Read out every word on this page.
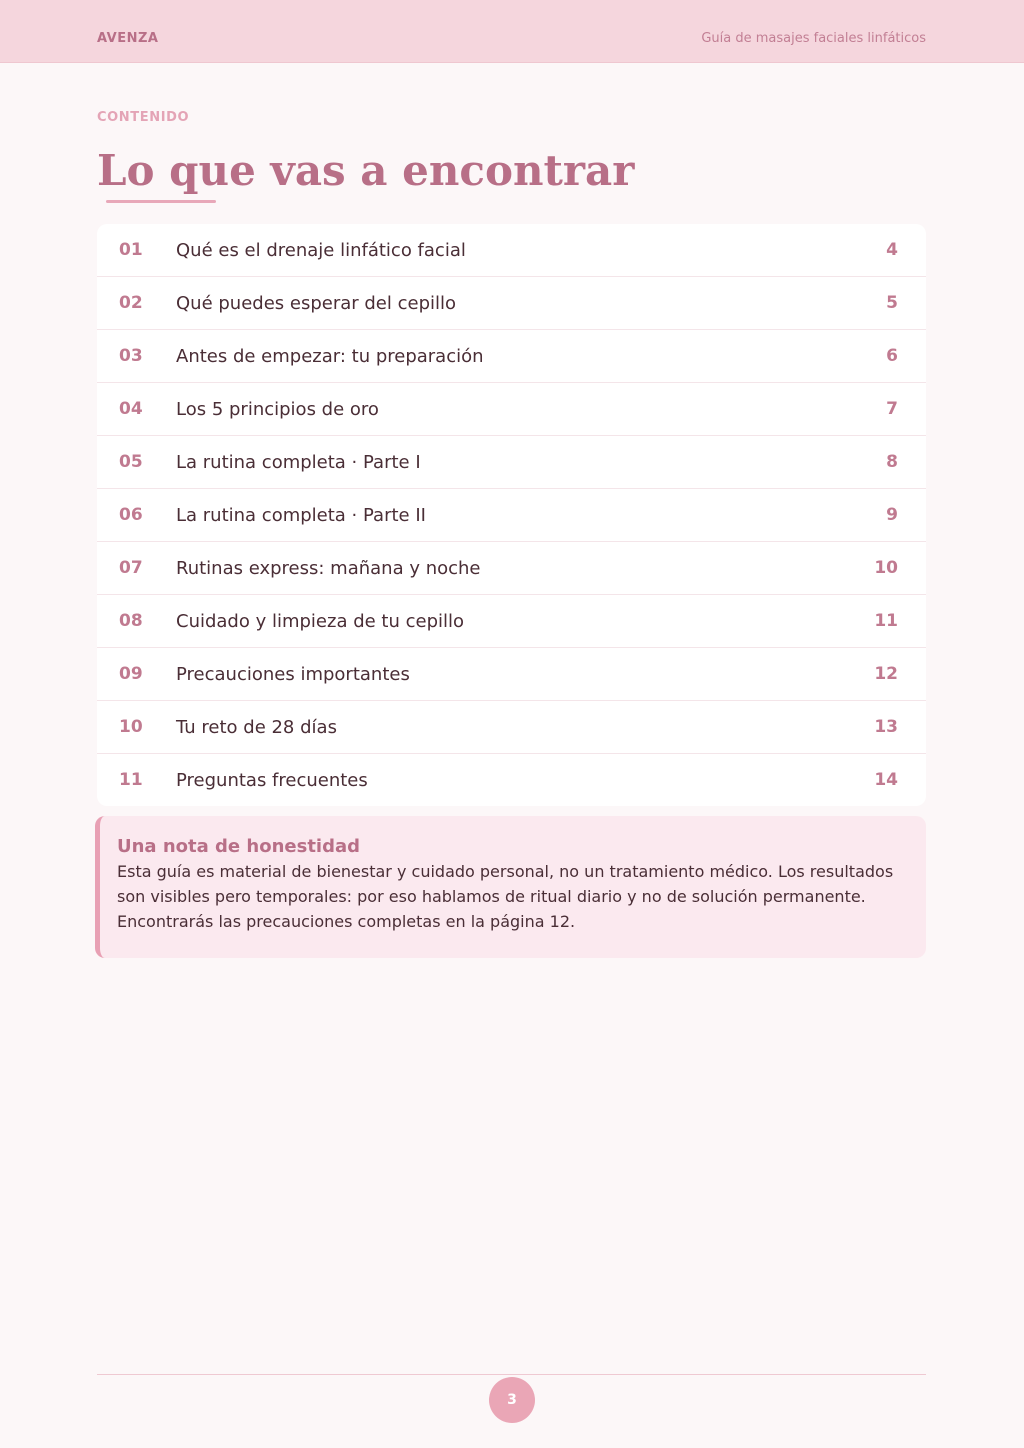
AVENZA	Guía de masajes faciales linfáticos
CONTENIDO
Lo que vas a encontrar
01	Qué es el drenaje linfático facial	4
02	Qué puedes esperar del cepillo	5
03	Antes de empezar: tu preparación	6
04	Los 5 principios de oro	7
05	La rutina completa · Parte I	8
06	La rutina completa · Parte II	9
07	Rutinas express: mañana y noche	10
08	Cuidado y limpieza de tu cepillo	11
09	Precauciones importantes	12
10	Tu reto de 28 días	13
11	Preguntas frecuentes	14
Una nota de honestidad
Esta guía es material de bienestar y cuidado personal, no un tratamiento médico. Los resultados son visibles pero temporales: por eso hablamos de ritual diario y no de solución permanente. Encontrarás las precauciones completas en la página 12.
3
